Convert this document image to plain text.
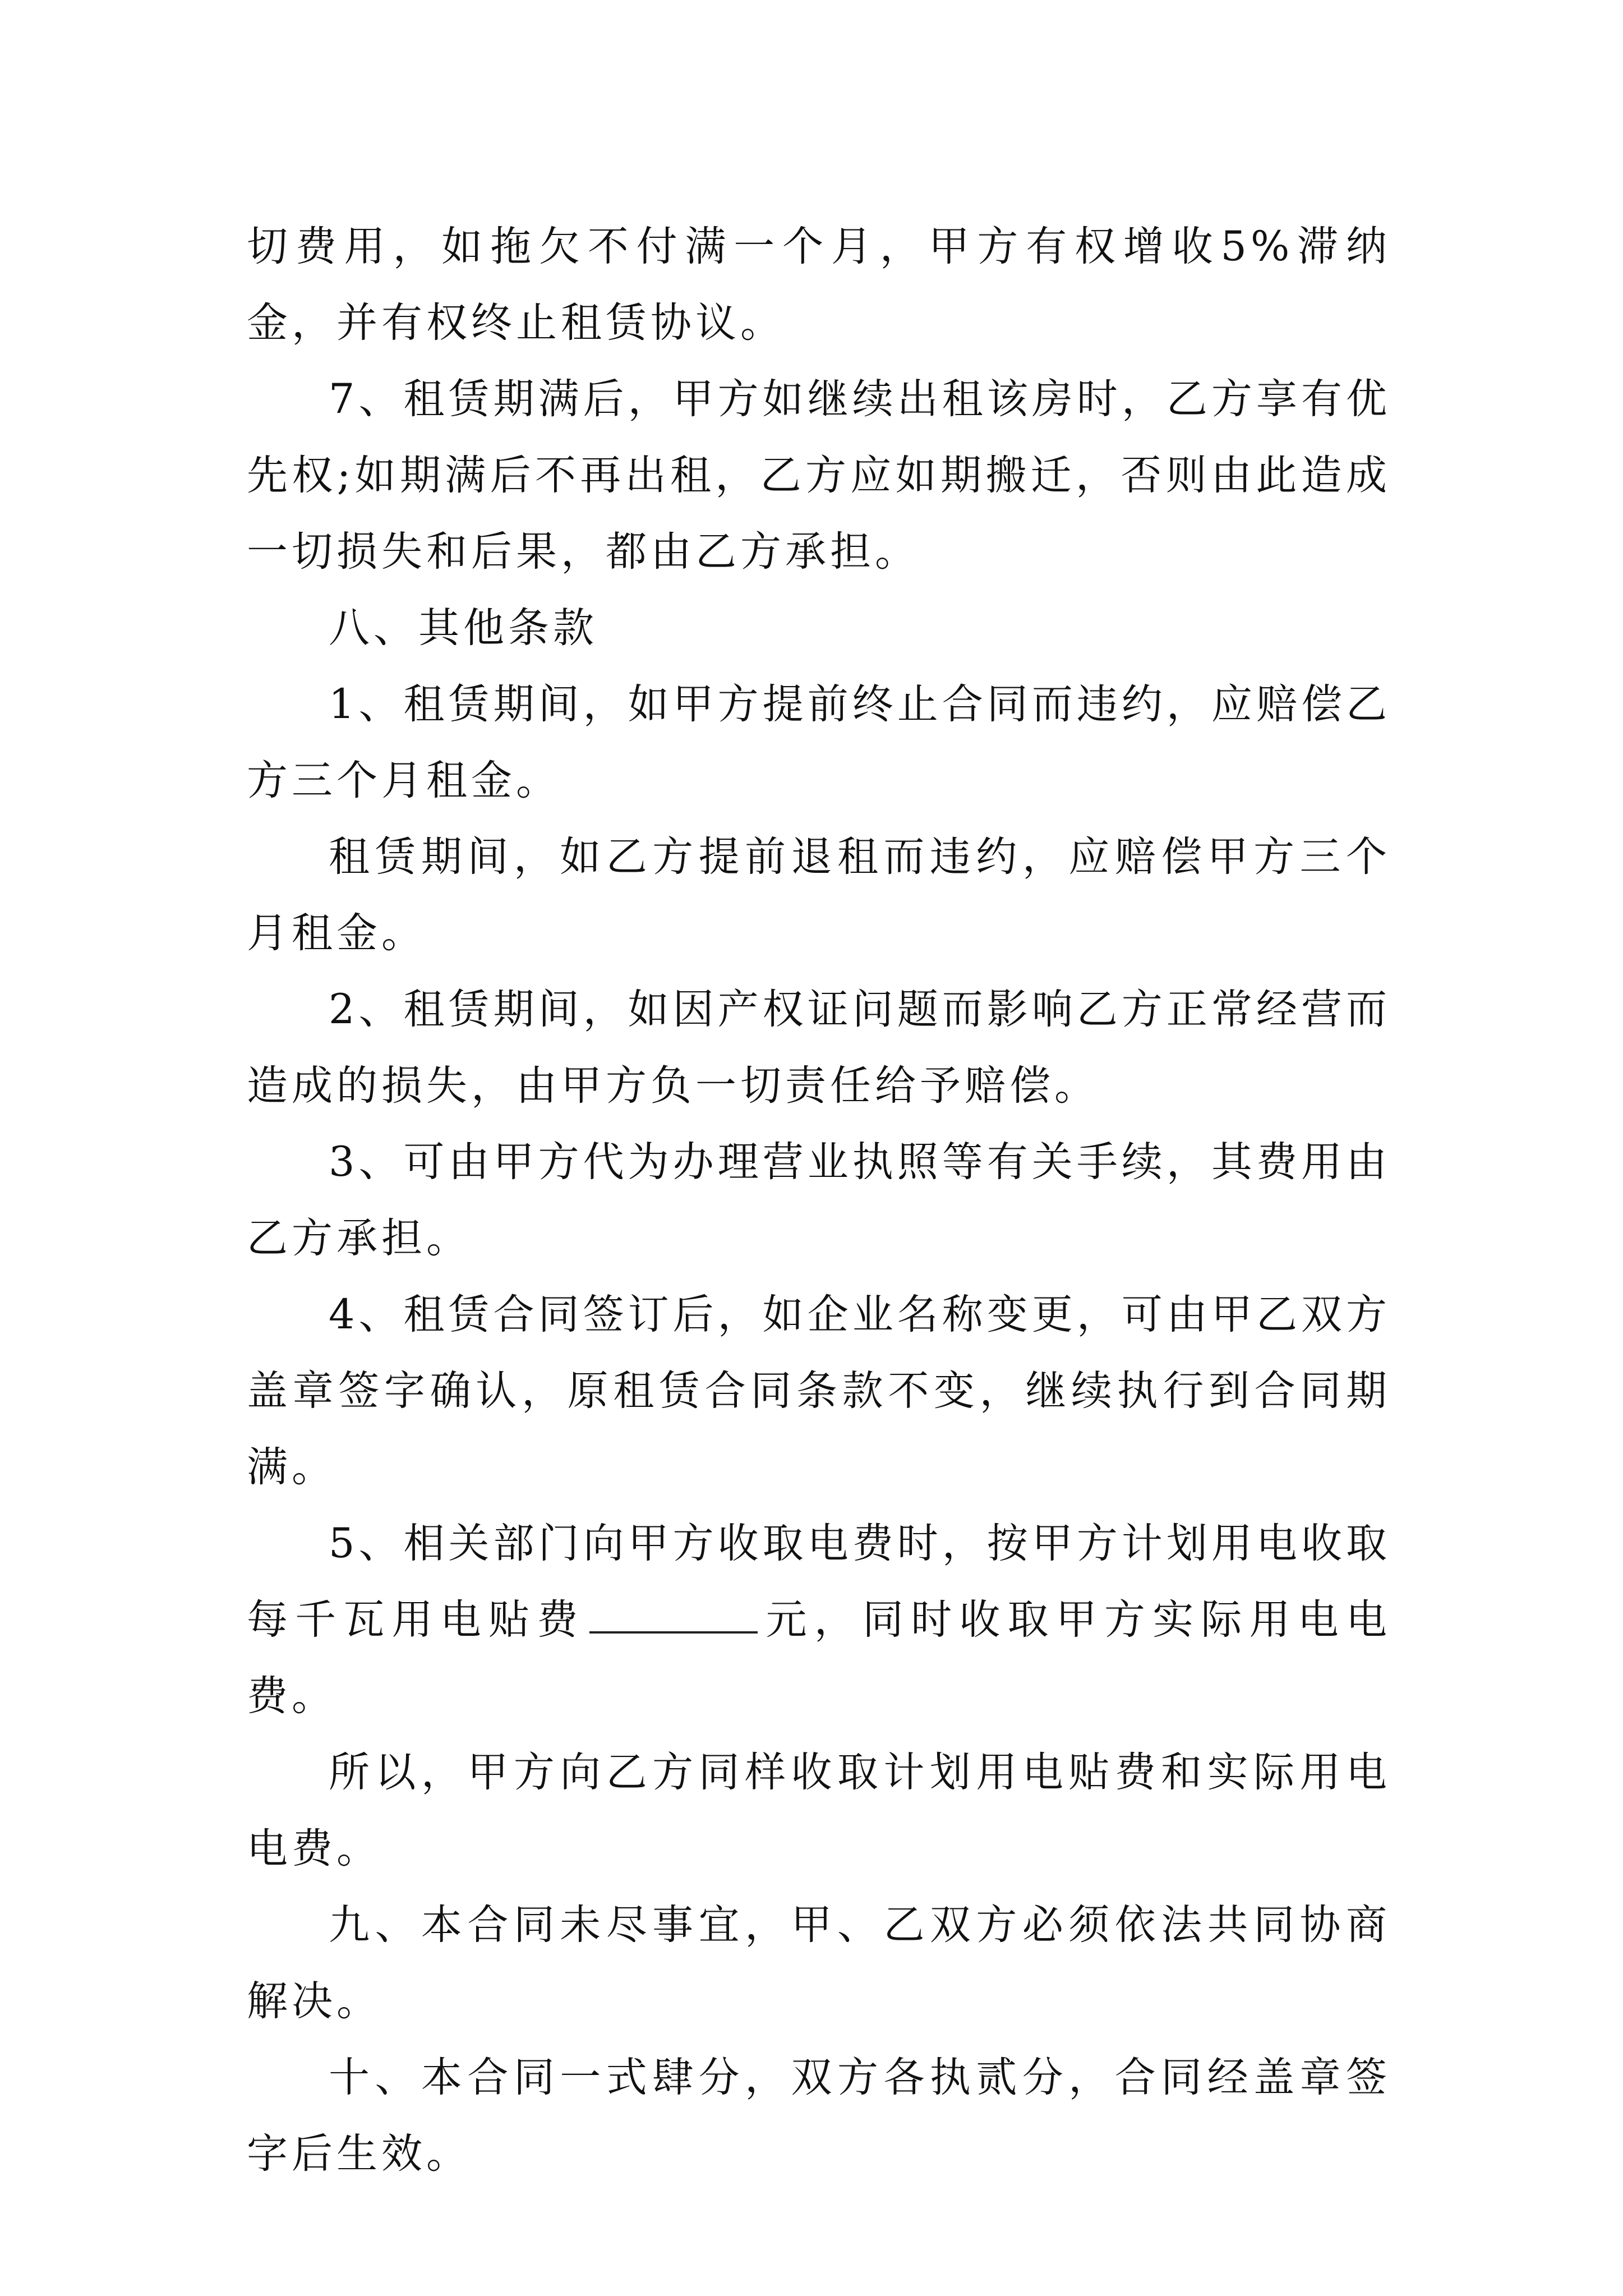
切费用，如拖欠不付满一个月，甲方有权增收5%滞纳金，并有权终止租赁协议。

7、租赁期满后，甲方如继续出租该房时，乙方享有优先权;如期满后不再出租，乙方应如期搬迁，否则由此造成一切损失和后果，都由乙方承担。

八、其他条款

1、租赁期间，如甲方提前终止合同而违约，应赔偿乙方三个月租金。

租赁期间，如乙方提前退租而违约，应赔偿甲方三个月租金。

2、租赁期间，如因产权证问题而影响乙方正常经营而造成的损失，由甲方负一切责任给予赔偿。

3、可由甲方代为办理营业执照等有关手续，其费用由乙方承担。

4、租赁合同签订后，如企业名称变更，可由甲乙双方盖章签字确认，原租赁合同条款不变，继续执行到合同期满。

5、相关部门向甲方收取电费时，按甲方计划用电收取每千瓦用电贴费	元，同时收取甲方实际用电电费。

所以，甲方向乙方同样收取计划用电贴费和实际用电电费。

九、本合同未尽事宜，甲、乙双方必须依法共同协商解决。

十、本合同一式肆分，双方各执贰分，合同经盖章签字后生效。
